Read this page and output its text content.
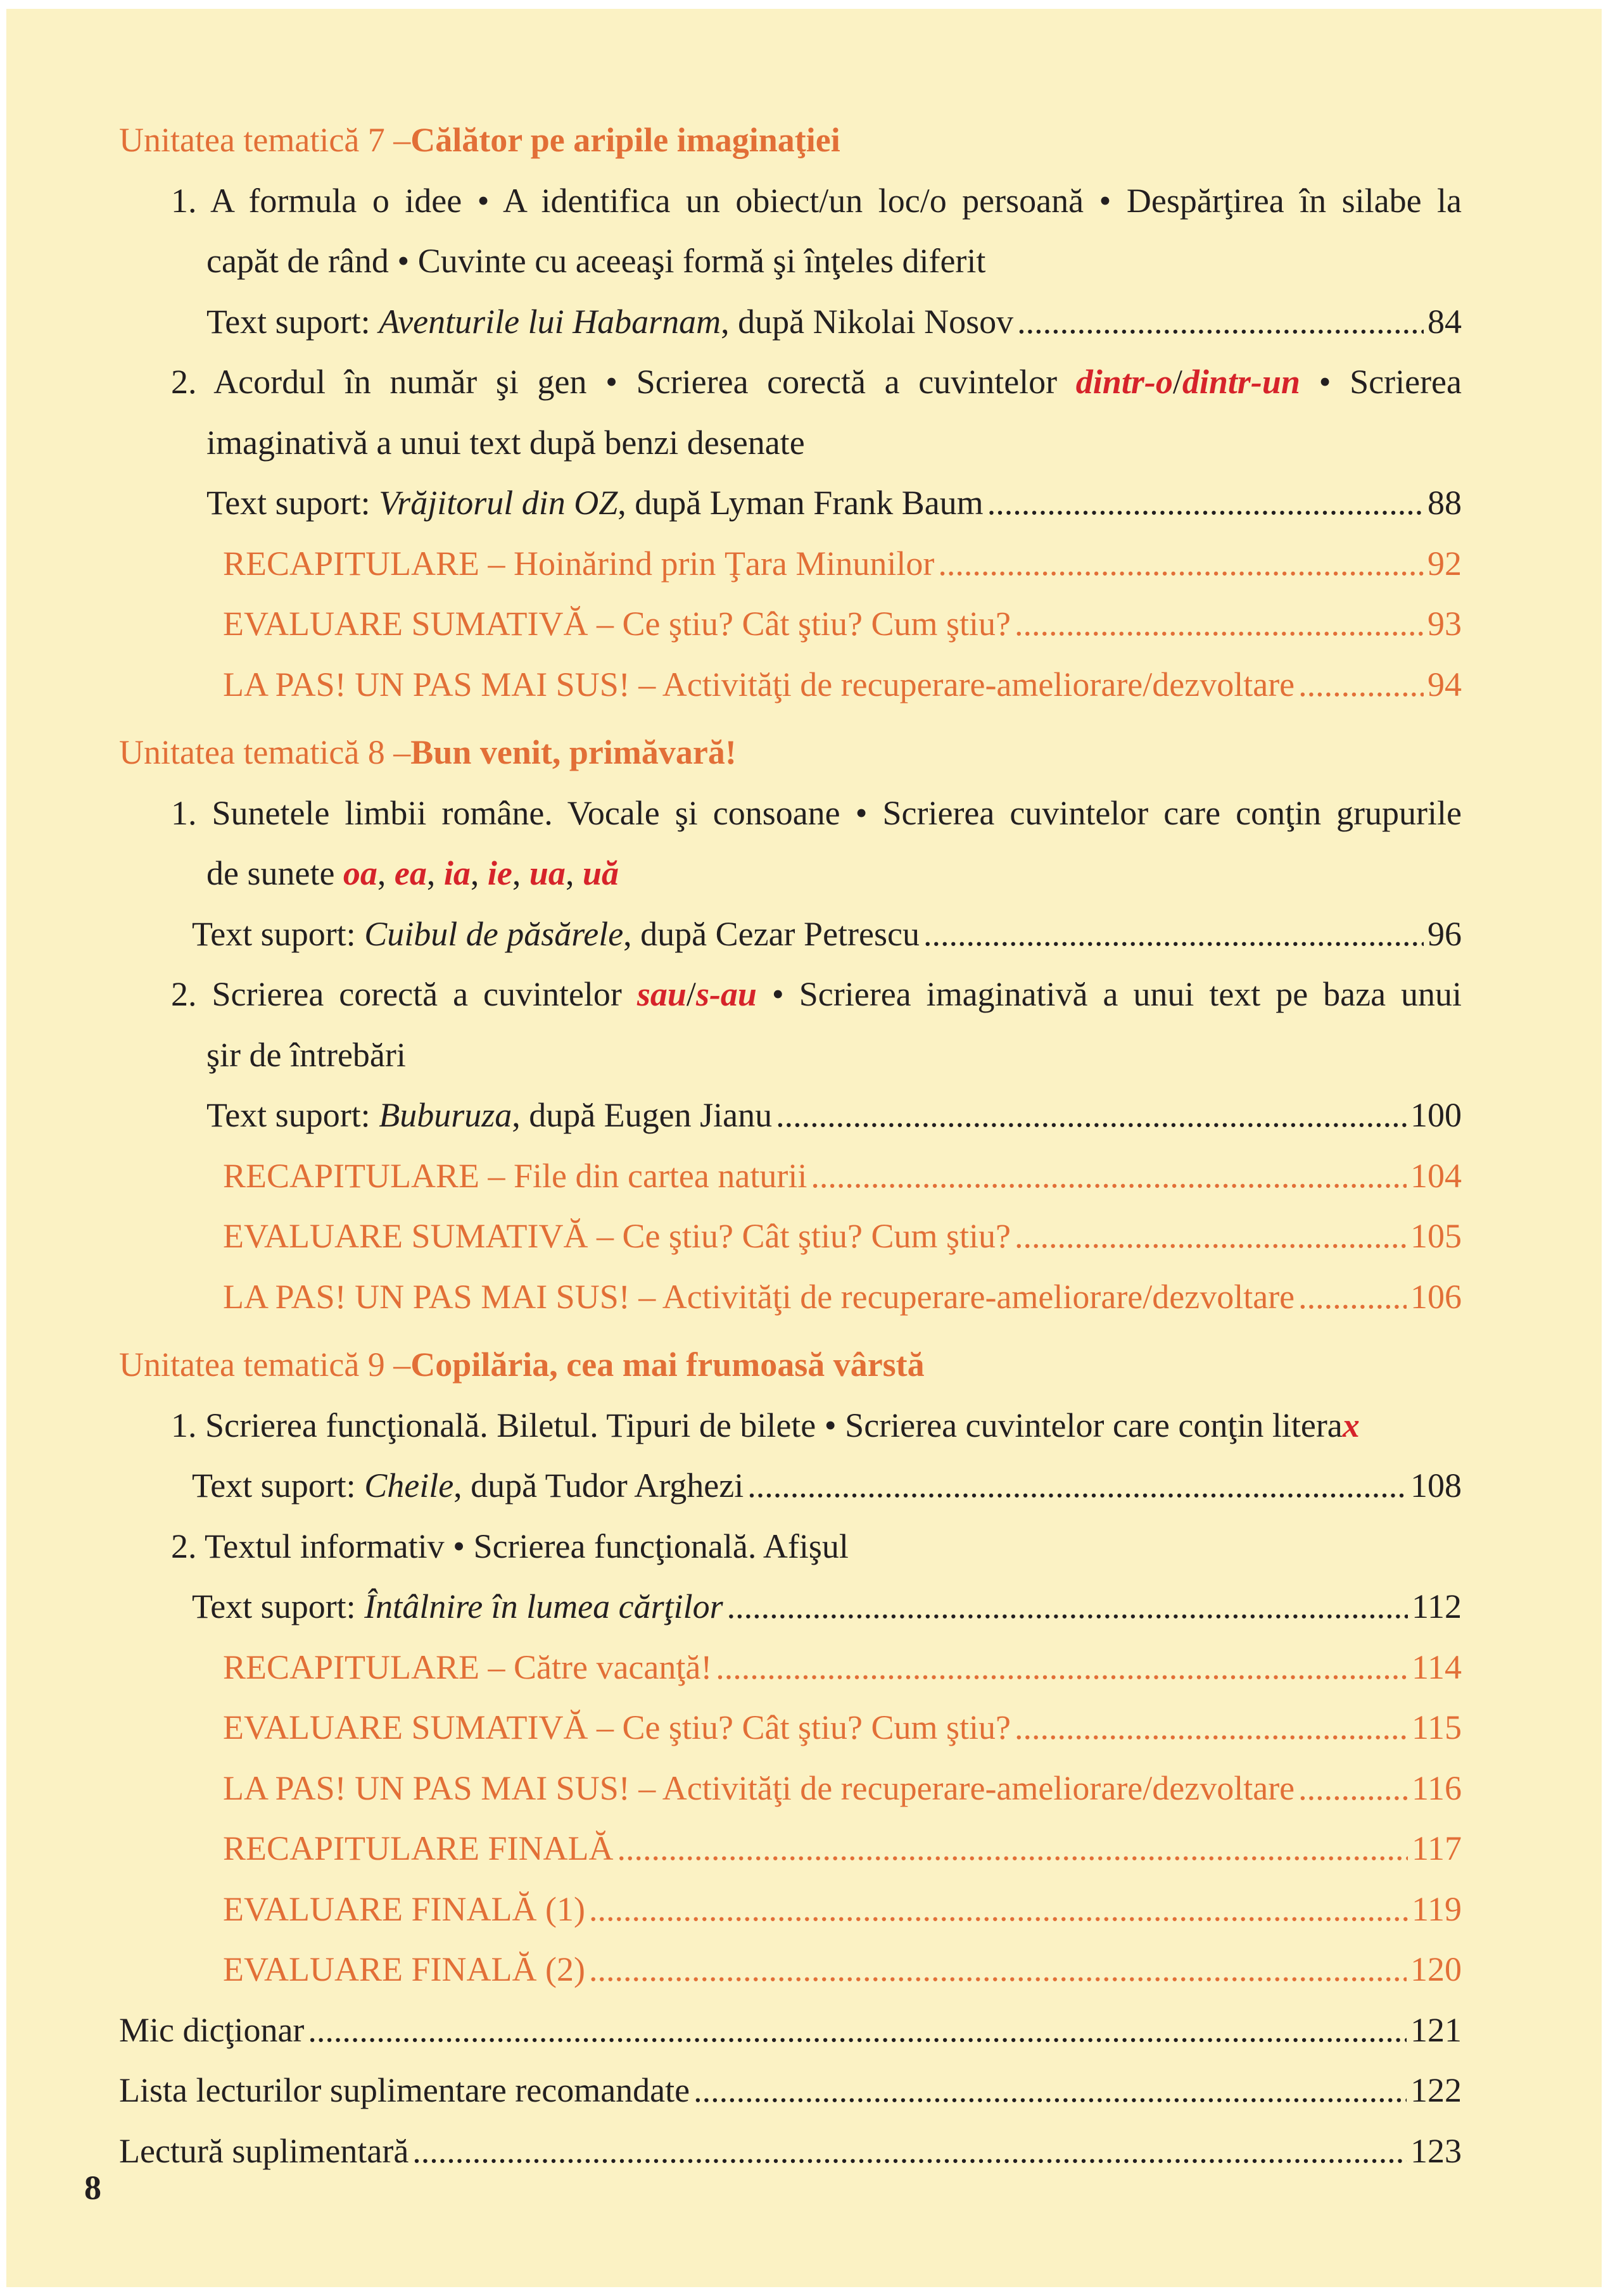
Unitatea tematică 7 – Călător pe aripile imaginaţiei
1. A formula o idee • A identifica un obiect/un loc/o persoană • Despărţirea în silabe la
capăt de rând • Cuvinte cu aceeaşi formă şi înţeles diferit
Text suport:
Aventurile lui Habarnam , după Nikolai Nosov .....	84
2. Acordul în număr şi gen • Scrierea corectă a cuvintelor dintr-o/dintr-un • Scrierea
imaginativă a unui text după benzi desenate
Text suport:
Vrăjitorul din OZ , după Lyman Frank Baum .....	88
RECAPITULARE – Hoinărind prin Ţara Minunilor .....	92
EVALUARE SUMATIVĂ – Ce ştiu? Cât ştiu? Cum ştiu? .....	93
LA PAS! UN PAS MAI SUS! – Activităţi de recuperare-ameliorare/dezvoltare .....	94
Unitatea tematică 8 – Bun venit, primăvară!
1. Sunetele limbii române. Vocale şi consoane • Scrierea cuvintelor care conţin grupurile
de sunete oa, ea, ia, ie, ua, uă
Text suport:
Cuibul de păsărele , după Cezar Petrescu .....	96
2. Scrierea corectă a cuvintelor sau/s-au • Scrierea imaginativă a unui text pe baza unui
şir de întrebări
Text suport:
Buburuza , după Eugen Jianu .....	100
RECAPITULARE – File din cartea naturii .....	104
EVALUARE SUMATIVĂ – Ce ştiu? Cât ştiu? Cum ştiu? .....	105
LA PAS! UN PAS MAI SUS! – Activităţi de recuperare-ameliorare/dezvoltare .....	106
Unitatea tematică 9 – Copilăria, cea mai frumoasă vârstă
1. Scrierea funcţională. Biletul. Tipuri de bilete • Scrierea cuvintelor care conţin litera x
Text suport:
Cheile , după Tudor Arghezi .....	108
2. Textul informativ • Scrierea funcţională. Afişul
Text suport:
Întâlnire în lumea cărţilor .....	112
RECAPITULARE – Către vacanţă! .....	114
EVALUARE SUMATIVĂ – Ce ştiu? Cât ştiu? Cum ştiu? .....	115
LA PAS! UN PAS MAI SUS! – Activităţi de recuperare-ameliorare/dezvoltare .....	116
RECAPITULARE FINALĂ .....	117
EVALUARE FINALĂ (1) .....	119
EVALUARE FINALĂ (2) .....	120
Mic dicţionar .....	121
Lista lecturilor suplimentare recomandate .....	122
Lectură suplimentară .....	123
8
